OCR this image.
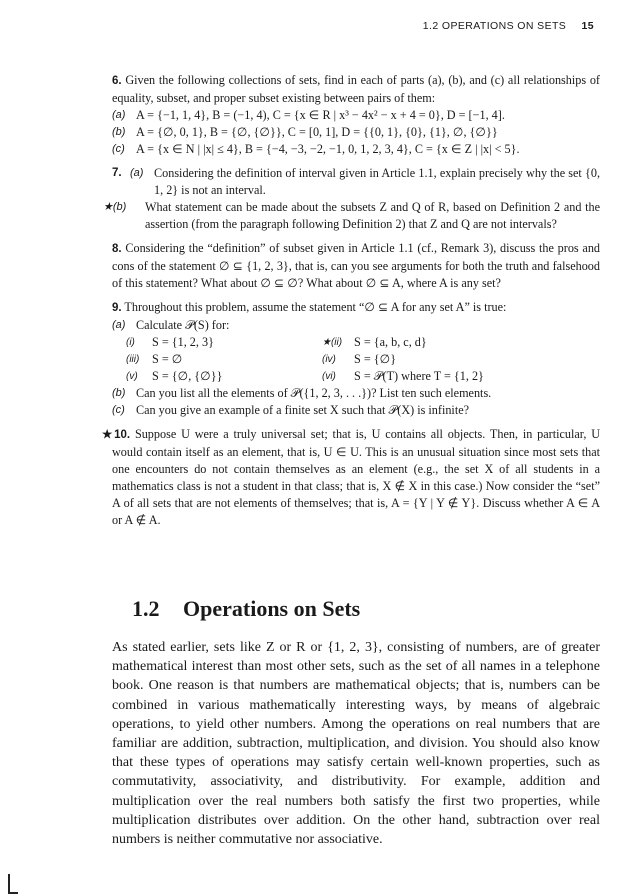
1.2 OPERATIONS ON SETS 15
6. Given the following collections of sets, find in each of parts (a), (b), and (c) all relationships of equality, subset, and proper subset existing between pairs of them:
(a) A = {−1, 1, 4}, B = (−1, 4), C = {x ∈ R | x³ − 4x² − x + 4 = 0}, D = [−1, 4].
(b) A = {∅, 0, 1}, B = {∅, {∅}}, C = [0, 1], D = {{0, 1}, {0}, {1}, ∅, {∅}}
(c) A = {x ∈ N | |x| ≤ 4}, B = {−4, −3, −2, −1, 0, 1, 2, 3, 4}, C = {x ∈ Z | |x| < 5}.
7. (a) Considering the definition of interval given in Article 1.1, explain precisely why the set {0, 1, 2} is not an interval.
★(b)	What statement can be made about the subsets Z and Q of R, based on Definition 2 and the assertion (from the paragraph following Definition 2) that Z and Q are not intervals?
8. Considering the “definition” of subset given in Article 1.1 (cf., Remark 3), discuss the pros and cons of the statement ∅ ⊆ {1, 2, 3}, that is, can you see arguments for both the truth and falsehood of this statement? What about ∅ ⊆ ∅? What about ∅ ⊆ A, where A is any set?
9. Throughout this problem, assume the statement “∅ ⊆ A for any set A” is true:
(a) Calculate 𝒫(S) for:
(i)	S = {1, 2, 3}	★(ii) S = {a, b, c, d}
(iii)	S = ∅	(iv)	S = {∅}
(v)	S = {∅, {∅}}	(vi)	S = 𝒫(T) where T = {1, 2}
(b) Can you list all the elements of 𝒫({1, 2, 3, . . .})? List ten such elements.
(c) Can you give an example of a finite set X such that 𝒫(X) is infinite?
★10. Suppose U were a truly universal set; that is, U contains all objects. Then, in particular, U would contain itself as an element, that is, U ∈ U. This is an unusual situation since most sets that one encounters do not contain themselves as an element (e.g., the set X of all students in a mathematics class is not a student in that class; that is, X ∉ X in this case.) Now consider the “set” A of all sets that are not elements of themselves; that is, A = {Y | Y ∉ Y}. Discuss whether A ∈ A or A ∉ A.
1.2 Operations on Sets
As stated earlier, sets like Z or R or {1, 2, 3}, consisting of numbers, are of greater mathematical interest than most other sets, such as the set of all names in a telephone book. One reason is that numbers are mathematical objects; that is, numbers can be combined in various mathematically interesting ways, by means of algebraic operations, to yield other numbers. Among the operations on real numbers that are familiar are addition, subtraction, multiplication, and division. You should also know that these types of operations may satisfy certain well-known properties, such as commutativity, associativity, and distributivity. For example, addition and multiplication over the real numbers both satisfy the first two properties, while multiplication distributes over addition. On the other hand, subtraction over real numbers is neither commutative nor associative.
